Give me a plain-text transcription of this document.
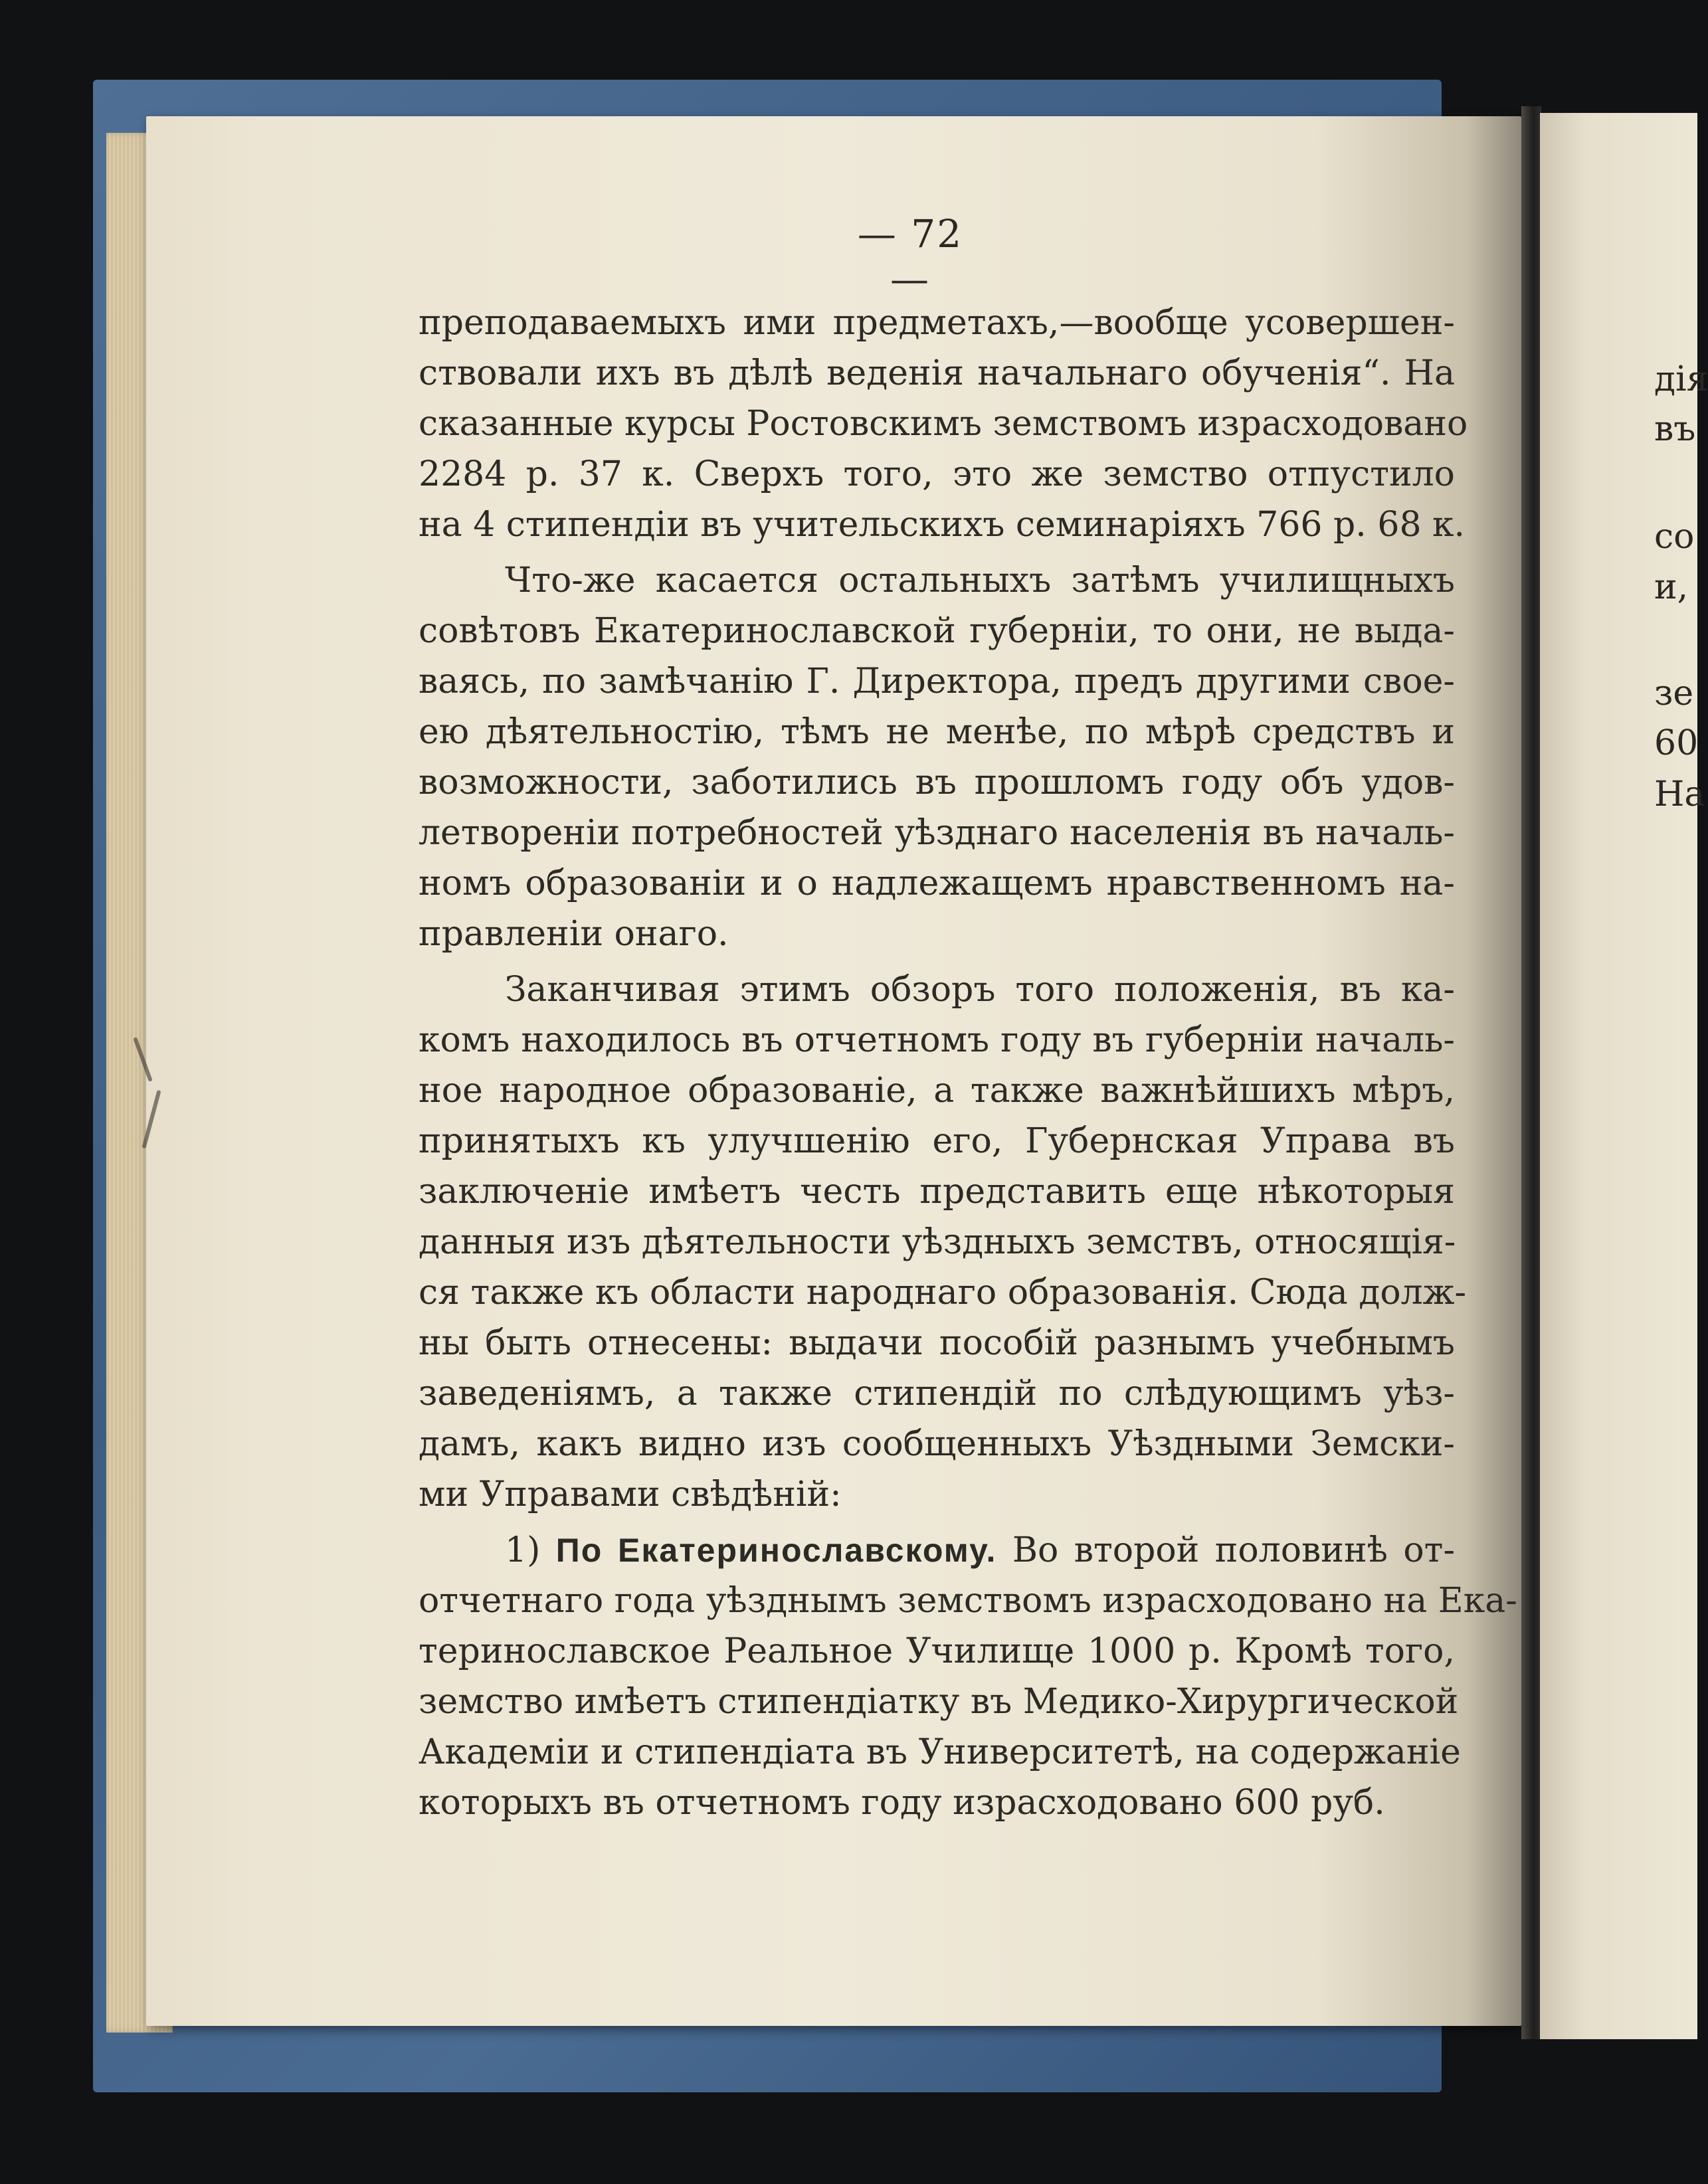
дія
въ
со
и,
зе
60
На
— 72 —
преподаваемыхъ ими предметахъ,—вообще усовершен-
ствовали ихъ въ дѣлѣ веденія начальнаго обученія“. На
сказанные курсы Ростовскимъ земствомъ израсходовано
2284 р. 37 к. Сверхъ того, это же земство отпустило
на 4 стипендіи въ учительскихъ семинаріяхъ 766 р. 68 к.
Что-же касается остальныхъ затѣмъ училищныхъ
совѣтовъ Екатеринославской губерніи, то они, не выда-
ваясь, по замѣчанію Г. Директора, предъ другими свое-
ею дѣятельностію, тѣмъ не менѣе, по мѣрѣ средствъ и
возможности, заботились въ прошломъ году объ удов-
летвореніи потребностей уѣзднаго населенія въ началь-
номъ образованіи и о надлежащемъ нравственномъ на-
правленіи онаго.
Заканчивая этимъ обзоръ того положенія, въ ка-
комъ находилось въ отчетномъ году въ губерніи началь-
ное народное образованіе, а также важнѣйшихъ мѣръ,
принятыхъ къ улучшенію его, Губернская Управа въ
заключеніе имѣетъ честь представить еще нѣкоторыя
данныя изъ дѣятельности уѣздныхъ земствъ, относящія-
ся также къ области народнаго образованія. Сюда долж-
ны быть отнесены: выдачи пособій разнымъ учебнымъ
заведеніямъ, а также стипендій по слѣдующимъ уѣз-
дамъ, какъ видно изъ сообщенныхъ Уѣздными Земски-
ми Управами свѣдѣній:
1) По Екатеринославскому. Во второй половинѣ от-
отчетнаго года уѣзднымъ земствомъ израсходовано на Ека-
теринославское Реальное Училище 1000 р. Кромѣ того,
земство имѣетъ стипендіатку въ Медико-Хирургической
Академіи и стипендіата въ Университетѣ, на содержаніе
которыхъ въ отчетномъ году израсходовано 600 руб.
